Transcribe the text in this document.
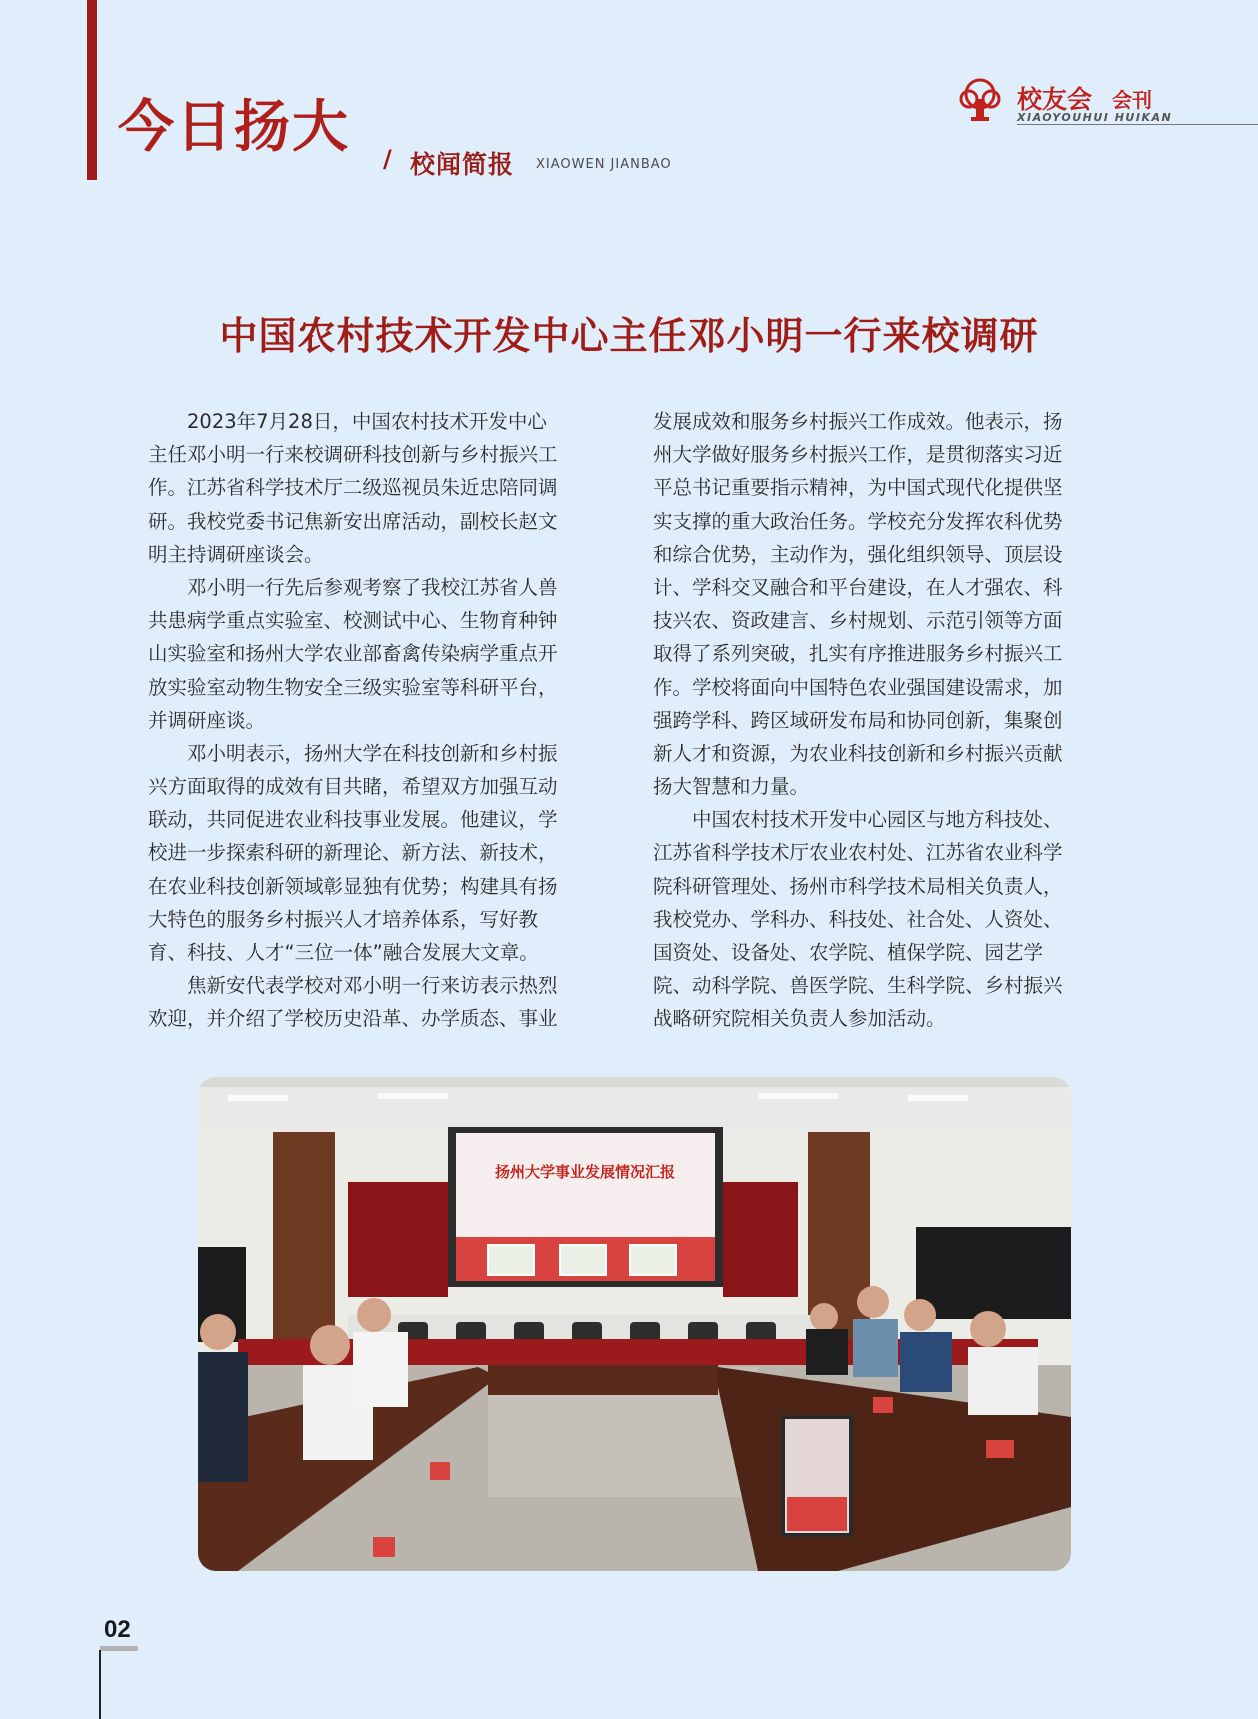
今日扬大 / 校闻简报 XIAOWEN JIANBAO
校友会 会刊
XIAOYOUHUI HUIKAN
中国农村技术开发中心主任邓小明一行来校调研
　　2023年7月28日，中国农村技术开发中心
主任邓小明一行来校调研科技创新与乡村振兴工
作。江苏省科学技术厅二级巡视员朱近忠陪同调
研。我校党委书记焦新安出席活动，副校长赵文
明主持调研座谈会。
　　邓小明一行先后参观考察了我校江苏省人兽
共患病学重点实验室、校测试中心、生物育种钟
山实验室和扬州大学农业部畜禽传染病学重点开
放实验室动物生物安全三级实验室等科研平台，
并调研座谈。
　　邓小明表示，扬州大学在科技创新和乡村振
兴方面取得的成效有目共睹，希望双方加强互动
联动，共同促进农业科技事业发展。他建议，学
校进一步探索科研的新理论、新方法、新技术，
在农业科技创新领域彰显独有优势；构建具有扬
大特色的服务乡村振兴人才培养体系，写好教
育、科技、人才“三位一体”融合发展大文章。
　　焦新安代表学校对邓小明一行来访表示热烈
欢迎，并介绍了学校历史沿革、办学质态、事业
发展成效和服务乡村振兴工作成效。他表示，扬
州大学做好服务乡村振兴工作，是贯彻落实习近
平总书记重要指示精神，为中国式现代化提供坚
实支撑的重大政治任务。学校充分发挥农科优势
和综合优势，主动作为，强化组织领导、顶层设
计、学科交叉融合和平台建设，在人才强农、科
技兴农、资政建言、乡村规划、示范引领等方面
取得了系列突破，扎实有序推进服务乡村振兴工
作。学校将面向中国特色农业强国建设需求，加
强跨学科、跨区域研发布局和协同创新，集聚创
新人才和资源，为农业科技创新和乡村振兴贡献
扬大智慧和力量。
　　中国农村技术开发中心园区与地方科技处、
江苏省科学技术厅农业农村处、江苏省农业科学
院科研管理处、扬州市科学技术局相关负责人，
我校党办、学科办、科技处、社合处、人资处、
国资处、设备处、农学院、植保学院、园艺学
院、动科学院、兽医学院、生科学院、乡村振兴
战略研究院相关负责人参加活动。
扬州大学事业发展情况汇报
02
